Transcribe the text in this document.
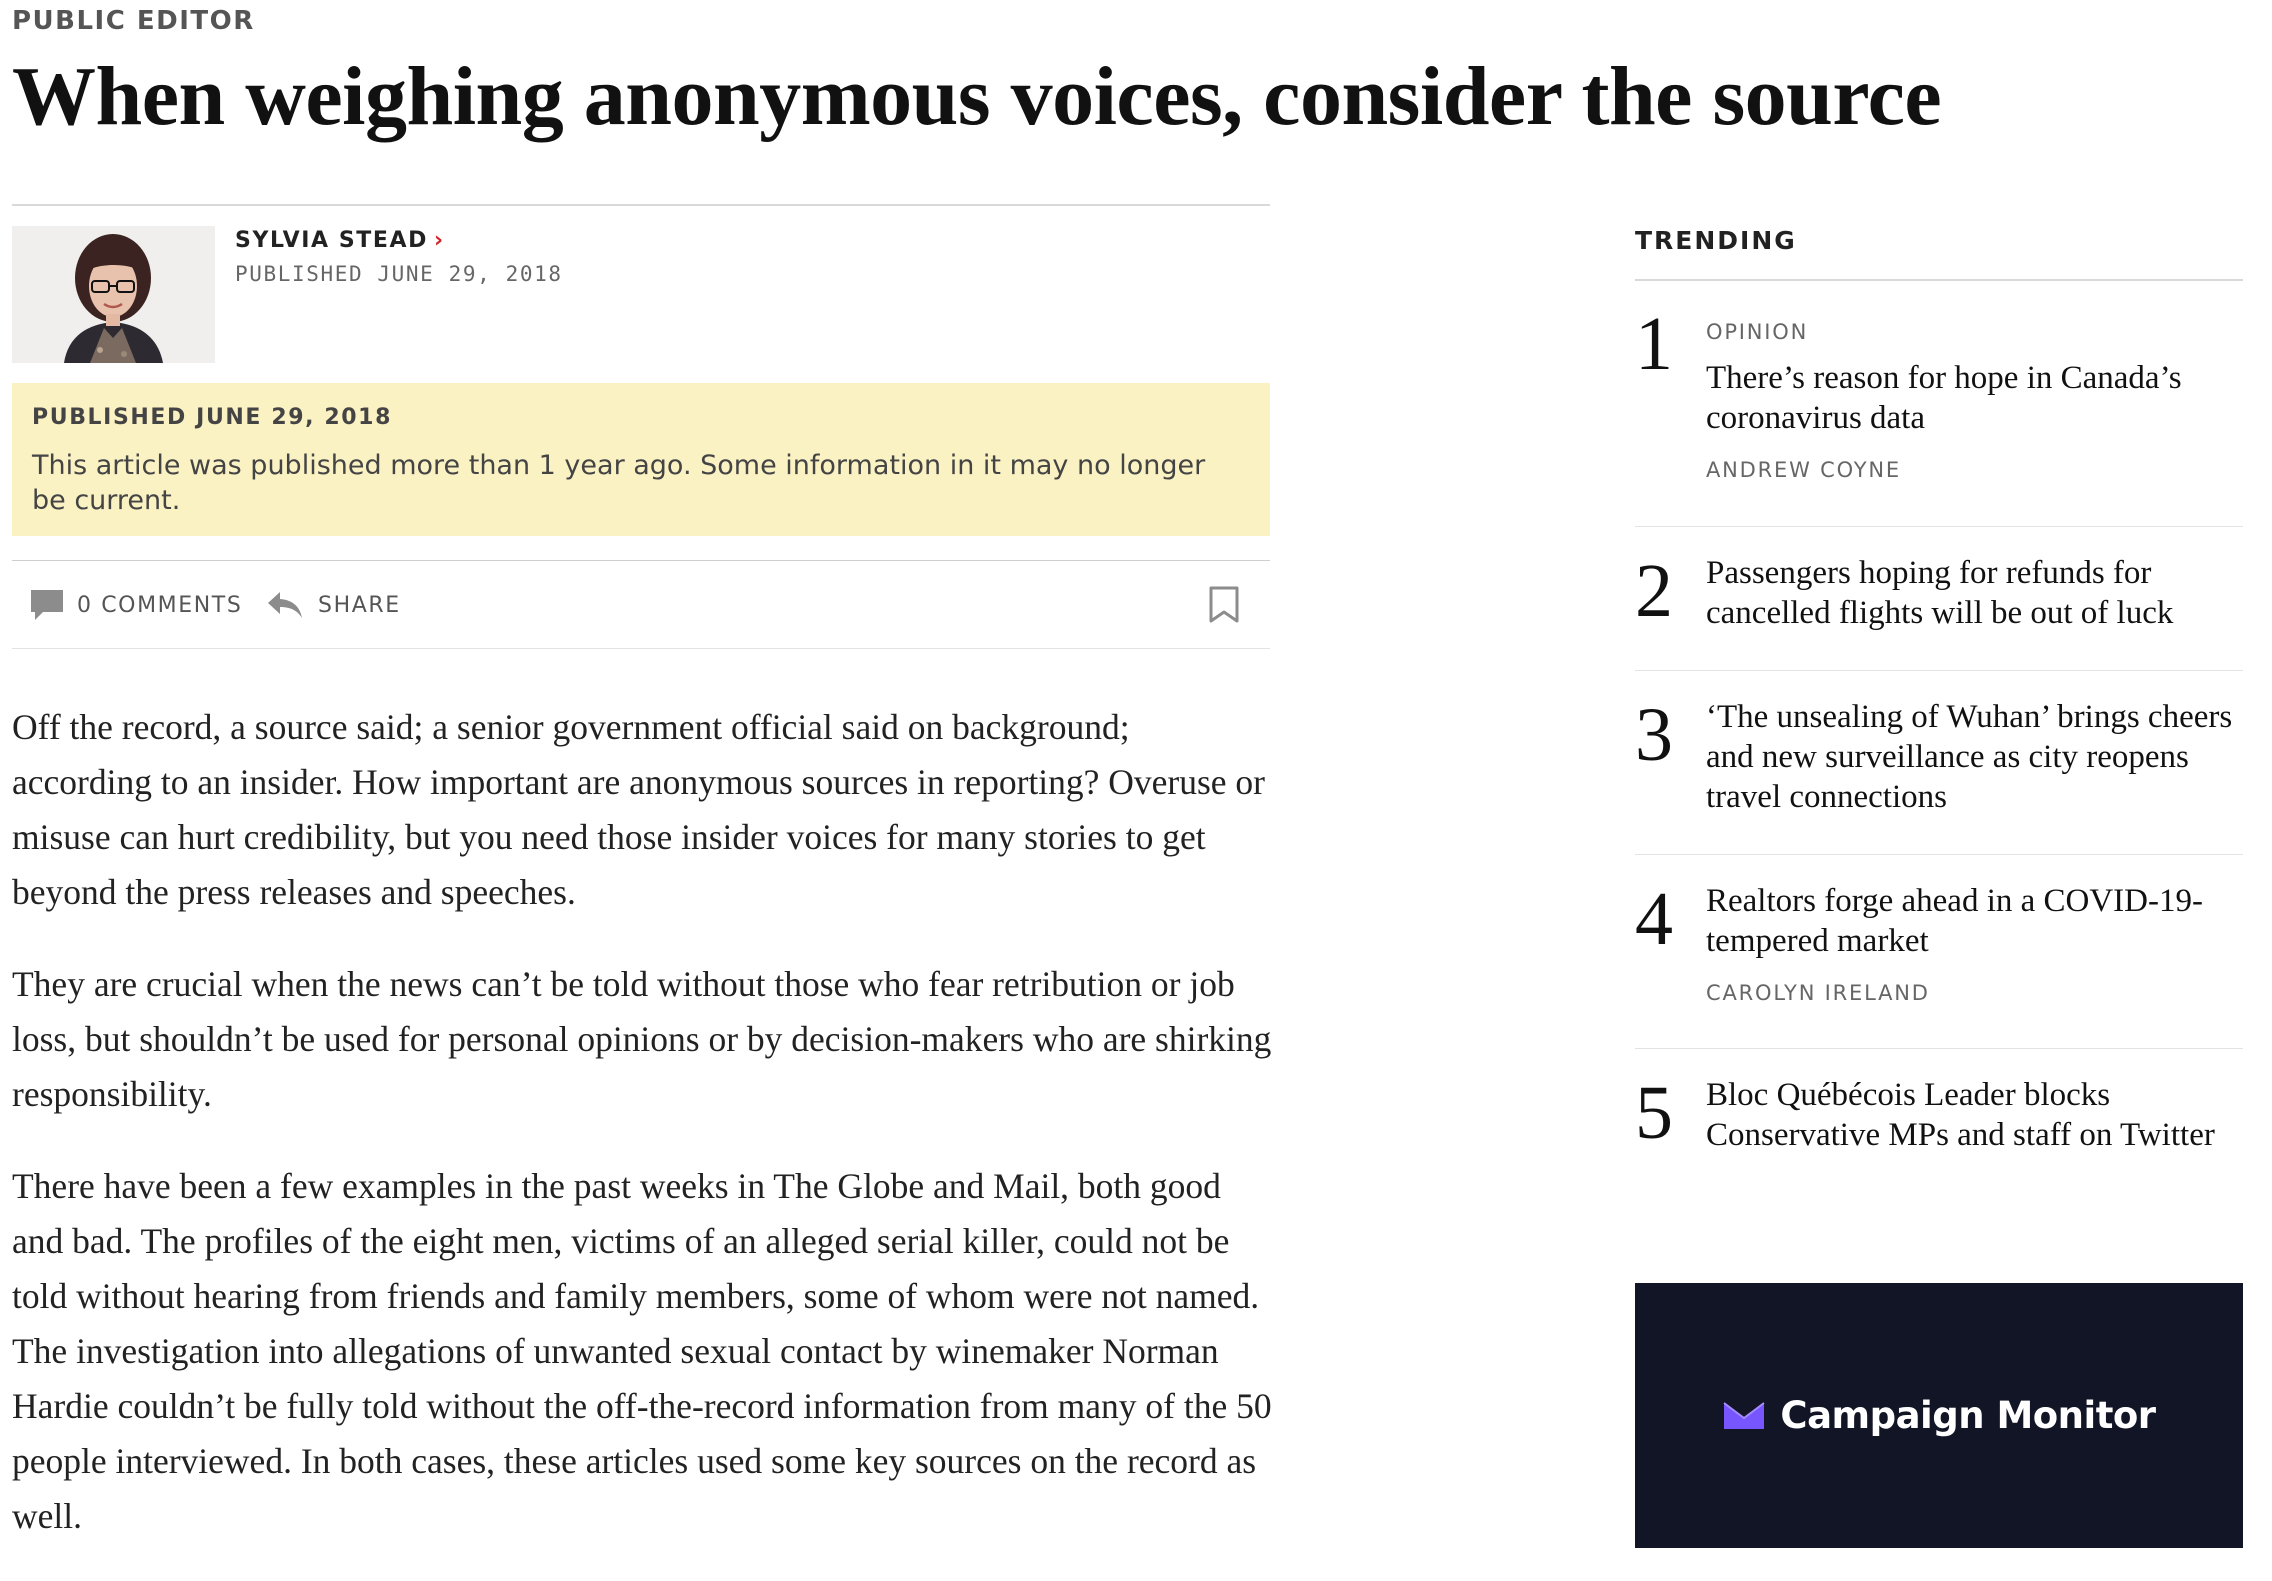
PUBLIC EDITOR
When weighing anonymous voices, consider the source
SYLVIA STEAD ›
PUBLISHED JUNE 29, 2018
PUBLISHED JUNE 29, 2018
This article was published more than 1 year ago. Some information in it may no longer be current.
0 COMMENTS	SHARE

Off the record, a source said; a senior government official said on background; according to an insider. How important are anonymous sources in reporting? Overuse or misuse can hurt credibility, but you need those insider voices for many stories to get beyond the press releases and speeches.

They are crucial when the news can’t be told without those who fear retribution or job loss, but shouldn’t be used for personal opinions or by decision-makers who are shirking responsibility.

There have been a few examples in the past weeks in The Globe and Mail, both good and bad. The profiles of the eight men, victims of an alleged serial killer, could not be told without hearing from friends and family members, some of whom were not named. The investigation into allegations of unwanted sexual contact by winemaker Norman Hardie couldn’t be fully told without the off-the-record information from many of the 50 people interviewed. In both cases, these articles used some key sources on the record as well.

TRENDING
1 OPINION
There’s reason for hope in Canada’s coronavirus data
ANDREW COYNE
2 Passengers hoping for refunds for cancelled flights will be out of luck
3 ‘The unsealing of Wuhan’ brings cheers and new surveillance as city reopens travel connections
4 Realtors forge ahead in a COVID-19-tempered market
CAROLYN IRELAND
5 Bloc Québécois Leader blocks Conservative MPs and staff on Twitter
Campaign Monitor
